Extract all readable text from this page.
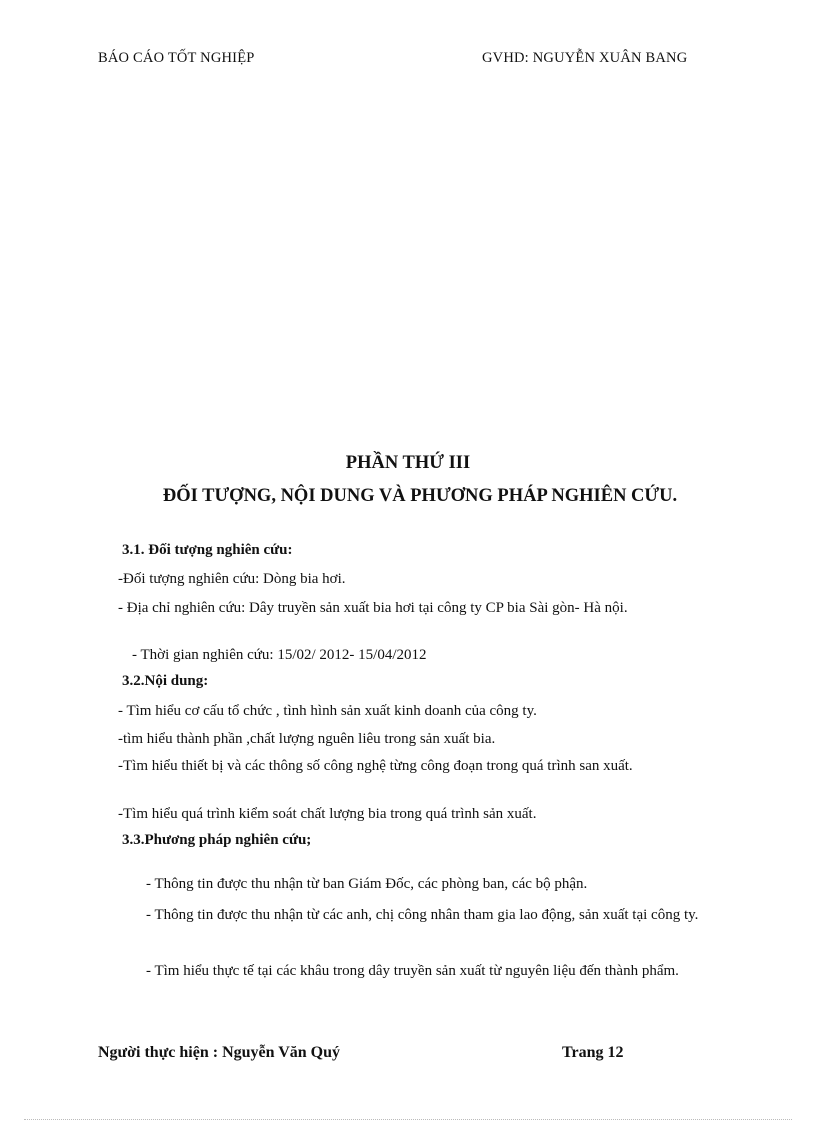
BÁO CÁO TỐT NGHIỆP	GVHD: NGUYỄN XUÂN BANG
PHẦN THỨ III
ĐỐI TƯỢNG, NỘI DUNG VÀ PHƯƠNG PHÁP NGHIÊN CỨU.
3.1. Đối tượng nghiên cứu:
-Đối tượng nghiên cứu: Dòng bia hơi.
- Địa chỉ nghiên cứu: Dây truyền sản xuất bia hơi tại công ty CP bia Sài gòn- Hà nội.
- Thời gian nghiên cứu: 15/02/ 2012- 15/04/2012
3.2.Nội dung:
- Tìm hiểu cơ cấu tổ chức , tình hình sản xuất kinh doanh của công ty.
-tìm hiểu thành phần ,chất lượng nguên liêu trong sản xuất bia.
-Tìm hiểu thiết bị và các thông số công nghệ từng công đoạn trong quá trình san xuất.
-Tìm hiểu quá trình kiểm soát chất lượng bia trong quá trình sản xuất.
3.3.Phương pháp nghiên cứu;
- Thông tin được thu nhận từ ban Giám Đốc, các phòng ban, các bộ phận.
- Thông tin được thu nhận từ các anh, chị công nhân tham gia lao động, sản xuất tại công ty.
- Tìm hiểu thực tế tại các khâu trong dây truyền sản xuất từ nguyên liệu đến thành phẩm.
Người thực hiện : Nguyễn Văn Quý	Trang 12
